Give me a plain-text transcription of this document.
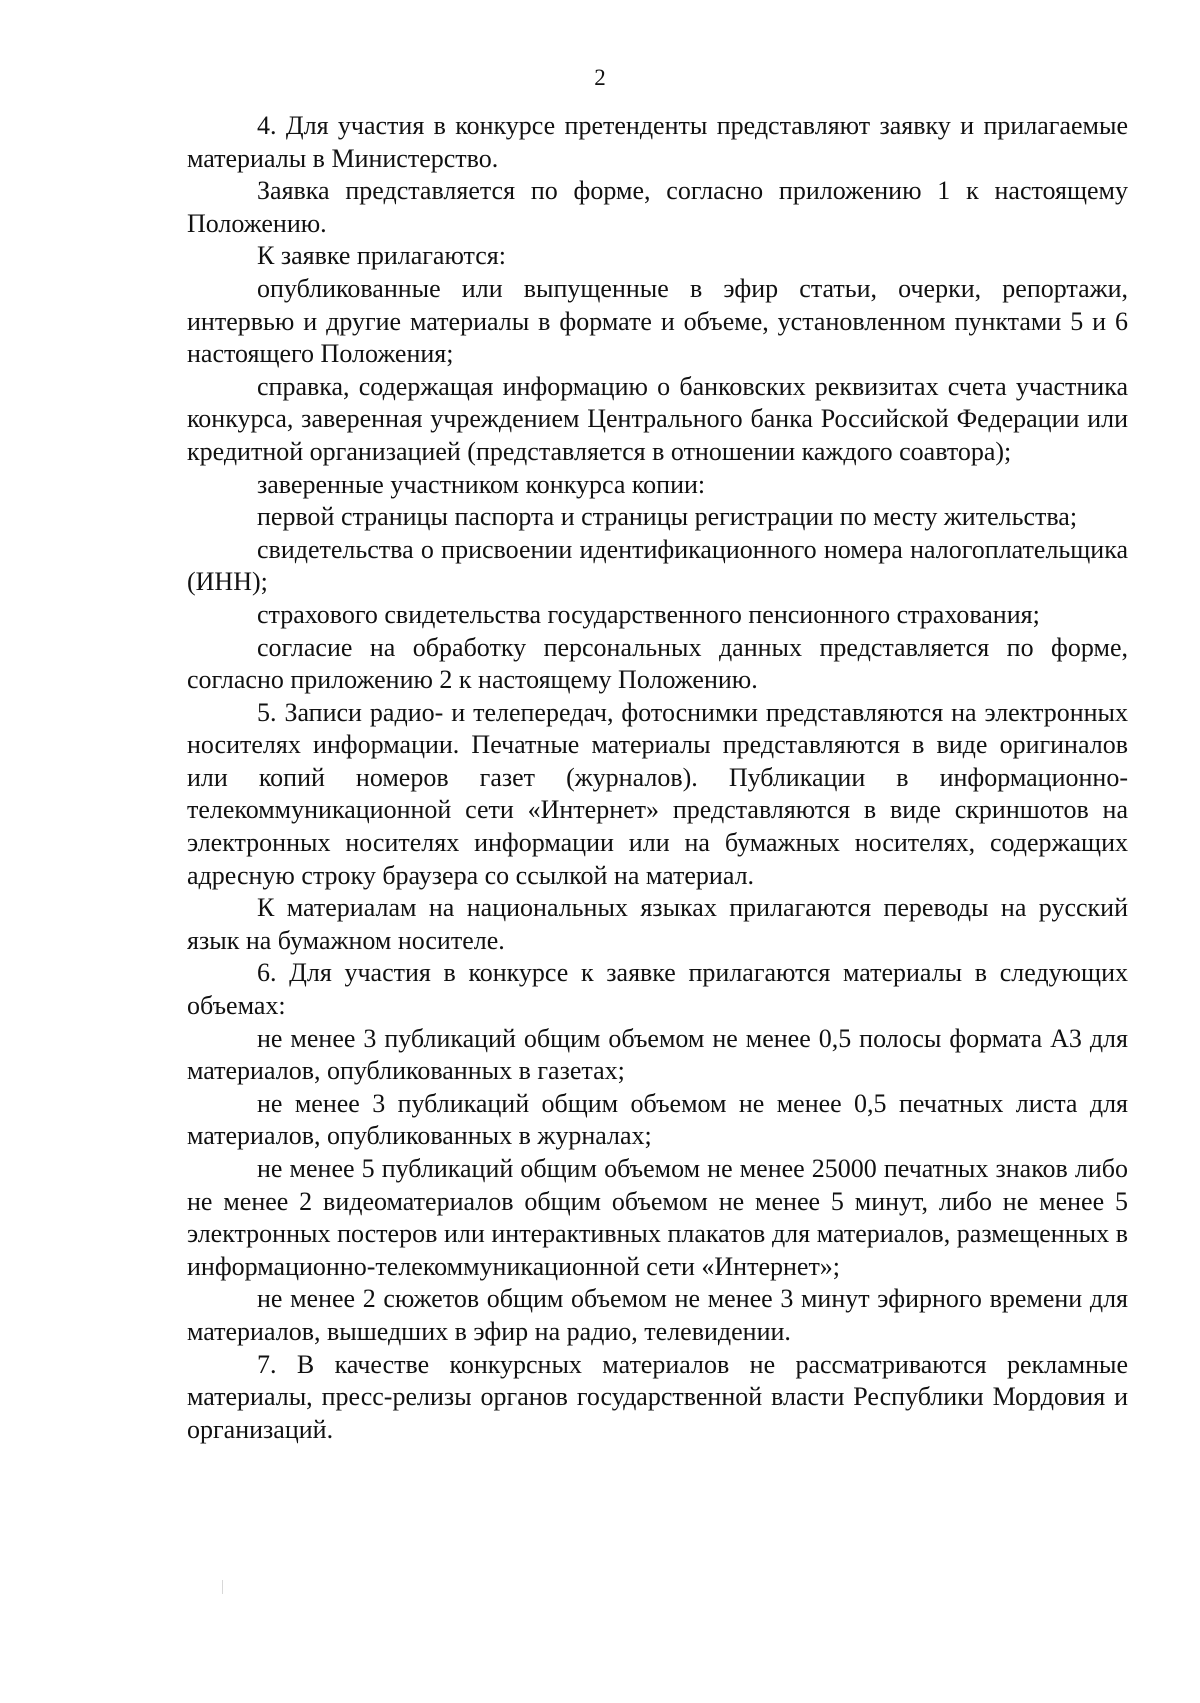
2

4. Для участия в конкурсе претенденты представляют заявку и прилагаемые материалы в Министерство.

Заявка представляется по форме, согласно приложению 1 к настоящему Положению.

К заявке прилагаются:

опубликованные или выпущенные в эфир статьи, очерки, репортажи, интервью и другие материалы в формате и объеме, установленном пунктами 5 и 6 настоящего Положения;

справка, содержащая информацию о банковских реквизитах счета участника конкурса, заверенная учреждением Центрального банка Российской Федерации или кредитной организацией (представляется в отношении каждого соавтора);

заверенные участником конкурса копии:

первой страницы паспорта и страницы регистрации по месту жительства;

свидетельства о присвоении идентификационного номера налогоплательщика (ИНН);

страхового свидетельства государственного пенсионного страхования;

согласие на обработку персональных данных представляется по форме, согласно приложению 2 к настоящему Положению.

5. Записи радио- и телепередач, фотоснимки представляются на электронных носителях информации. Печатные материалы представляются в виде оригиналов или копий номеров газет (журналов). Публикации в информационно-телекоммуникационной сети «Интернет» представляются в виде скриншотов на электронных носителях информации или на бумажных носителях, содержащих адресную строку браузера со ссылкой на материал.

К материалам на национальных языках прилагаются переводы на русский язык на бумажном носителе.

6. Для участия в конкурсе к заявке прилагаются материалы в следующих объемах:

не менее 3 публикаций общим объемом не менее 0,5 полосы формата А3 для материалов, опубликованных в газетах;

не менее 3 публикаций общим объемом не менее 0,5 печатных листа для материалов, опубликованных в журналах;

не менее 5 публикаций общим объемом не менее 25000 печатных знаков либо не менее 2 видеоматериалов общим объемом не менее 5 минут, либо не менее 5 электронных постеров или интерактивных плакатов для материалов, размещенных в информационно-телекоммуникационной сети «Интернет»;

не менее 2 сюжетов общим объемом не менее 3 минут эфирного времени для материалов, вышедших в эфир на радио, телевидении.

7. В качестве конкурсных материалов не рассматриваются рекламные материалы, пресс-релизы органов государственной власти Республики Мордовия и организаций.
